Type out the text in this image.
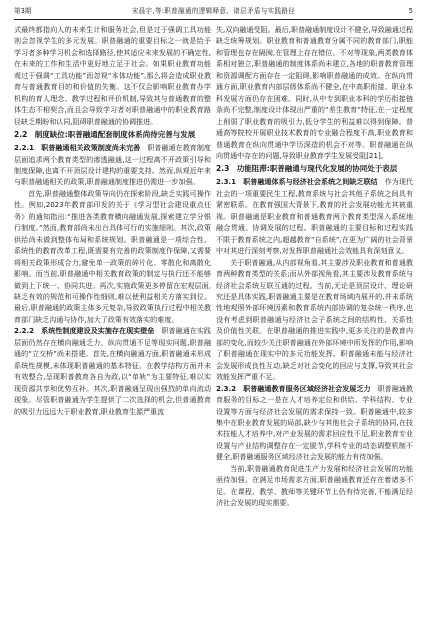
第3期	宋晨宇,等:职普融通的逻辑释意、诸层矛盾与实践路径	5

式最终都指向人的未来生计和服务社会,但是过于强调工具功能则会忽视学生的多元发展。职普融通的重要目标之一就是给予学习者多种学习机会和选择路径,使其适应未来发展的不确定性,在未来的工作和生活中更好地立足于社会。如果职业教育功能观过于强调“工具功能”而忽视“本体功能”,那么将会造成职业教育与普通教育目的和价值的失衡。这不仅会影响职业教育办学机构的育人理念、教学过程和评价机制,导致其与普通教育的整体生态不相契合,而且会导致学习者对职普融通中的职业教育路径缺乏期盼和认同,阻碍职普融通的协调推进。

2.2　制度缺位:职普融通配套制度体系尚待完善与发展

2.2.1　职普融通相关政策制度尚未完善　 职普融通在教育制度层面追求两个教育类型的渗透融通,这一过程离不开政策引导和制度保障,也离不开顶层设计建构的重要支持。然而,纵观近年来与职普融通相关的政策,职普融通制度推进仍需进一步加强。

首先,职普融通整体政策导向仍在探索阶段,缺乏实践可操作性。例如,2023年教育部印发的关于《学习型社会建设重点任务》的通知指出:“推进各类教育横向融通发展,探索建立学分银行制度。”然而,教育部尚未出台具体可行的实施细则。其次,政策供给尚未做到整体布局和系统规划。职普融通是一项综合性、系统性的教育改革工程,既需要有完善的政策制度作保障,又需要将相关政策形成合力,避免单一政策的碎片化、零散化和离散化影响。而当前,职普融通中相关教育政策的制定与执行还不能够做到上下统一、协同共进。再次,实施政策更多停留在宏观层面,缺乏有效的规范和可操作性细则,难以使利益相关方落实到位。最后,职普融通的政策主体多元复杂,导致政策执行过程中相关教育部门缺乏沟通与协作,加大了政策有效落实的难度。

2.2.2　系统性制度建设及实施存在现实壁垒　 职普融通在实践层面仍然存在横向融通乏力、纵向贯通不足等现实问题,职普融通的“立交桥”尚未搭建。首先,在横向融通方面,职普融通未形成系统性规模,未体现职普融通的基本特征。在教学结构方面并未有效整合,呈现职普教育各自为政,以“单轨”为主要特征,难以实现资源共享和优势互补。其次,职普融通呈现出强烈的单向流动现象。尽管职普融通为学生提供了二次选择的机会,但普通教育的吸引力远远大于职业教育,职业教育生源严重流

失,双向融通受阻。最后,职普融通制度设计不健全,导致融通过程缺乏统筹规划。职业教育和普通教育分属不同的教育部门,职能和管理也存在隔阂,在管理上存在错位、不对等现象,两类教育体系相对独立,职普融通的制度体系尚未建立,各地的职普教育管理和资源调配方面存在一定阻碍,影响职普融通的成效。在纵向贯通方面,职业教育内部层级体系尚不健全,在中高职衔接、职业本科发展方面仍存在困难。同时,从中专到职业本科的学历衔接链条尚不完整,制度设计体现出严重的“差生教育”特征,在一定程度上削弱了职业教育的吸引力,低分学生的利益难以得到保障。普通高等院校开展职业技术教育的专业融合程度不高,职业教育和普通教育在纵向贯通中学历深造的机会不对等。职普融通在纵向贯通中存在的问题,导致职业教育学生发展受阻[21]。

2.3　功能阻滞:职普融通与现代化发展的协同处于表层

2.3.1　职普融通体系与经济社会系统之间缺乏联结　 作为现代社会的一项重要民生工程,教育系统与社会其他子系统之间具有紧密联系。在教育强国大背景下,教育的社会发展功能尤其被重视。职普融通是职业教育和普通教育两个教育类型深入系统地融合贯通、协调发展的过程。职普融通的主要目标和过程实践不限于教育系统之内,超越教育“自系统”,在更为广阔的社会背景中对其进行深刻考察,对发挥职普融通社会效能具有深刻意义。

关于职普融通,从内部视角看,其主要涉及职业教育和普通教育两种教育类型的关系;而从外部视角看,其主要涉及教育系统与经济社会系统互联互通的过程。当前,无论是顶层设计、理论研究还是具体实践,职普融通主要是在教育场域内展开的,并未系统性地观照外部环境因素和教育系统内部协调的复杂统一秩序,也没有考虑到职普融通与经济社会子系统之间的结构性、关系性及价值性关联。在职普融通的推进实践中,更多关注的是教育内部的变化,而较少关注职普融通在外部环境中所发挥的作用,影响了职普融通在现实中的多元功能发挥。职普融通未能与经济社会发展形成良性互动,缺乏对社会变化的回应与支撑,导致其社会效能发挥严重不足。

2.3.2　职普融通教育服务区域经济社会发展乏力　 职普融通教育服务的目标之一是在人才培养定位和供给、学科结构、专业设置等方面与经济社会发展的需求保持一致。职普融通中,较多集中在职业教育发展的局部,缺少与其他社会子系统的协同,在技术技能人才培养中,对产业发展的需求回应性不足,职业教育专业设置与产业结构调整存在一定脱节,学科专业的动态调整机制不健全,职普融通服务区域经济社会发展的能力有待加强。

当前,职普融通教育促进生产力发展和经济社会发展的功能亟待加强。在满足市场需求方面,职普融通教育还存在着诸多不足。在课程、教学、教师等关键环节上仍有待完善,不能满足经济社会发展的现实需要。
